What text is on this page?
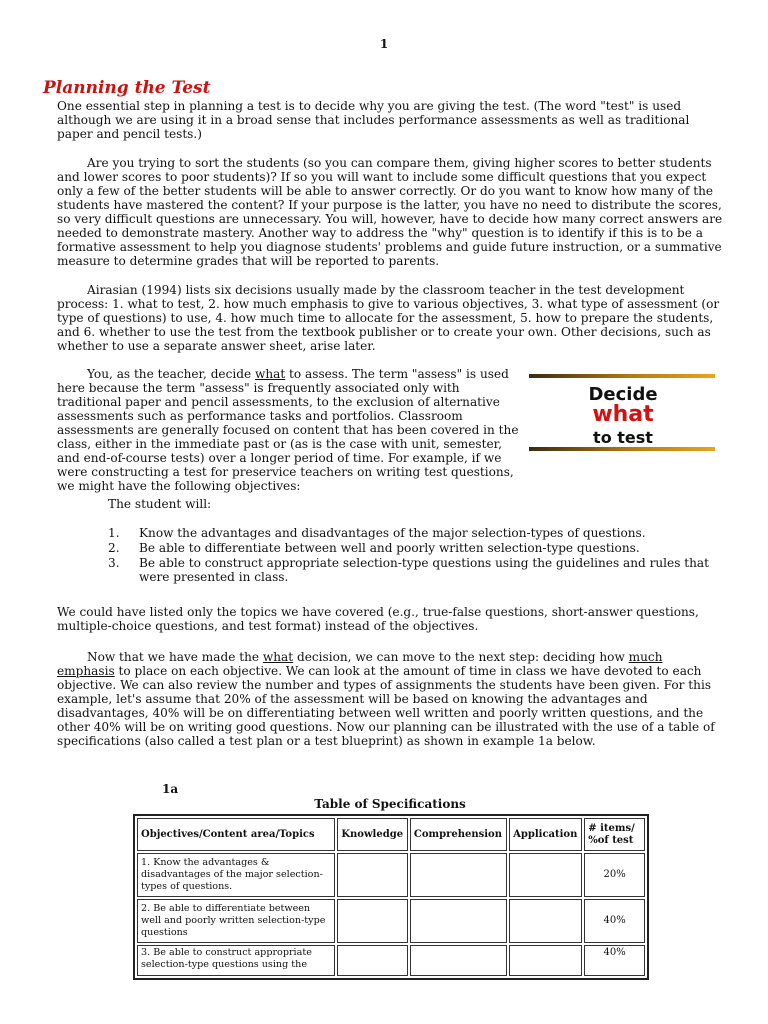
1
Planning the Test

One essential step in planning a test is to decide why you are giving the test. (The word "test" is used although we are using it in a broad sense that includes performance assessments as well as traditional paper and pencil tests.)

Are you trying to sort the students (so you can compare them, giving higher scores to better students and lower scores to poor students)? If so you will want to include some difficult questions that you expect only a few of the better students will be able to answer correctly. Or do you want to know how many of the students have mastered the content? If your purpose is the latter, you have no need to distribute the scores, so very difficult questions are unnecessary. You will, however, have to decide how many correct answers are needed to demonstrate mastery. Another way to address the "why" question is to identify if this is to be a formative assessment to help you diagnose students' problems and guide future instruction, or a summative measure to determine grades that will be reported to parents.

Airasian (1994) lists six decisions usually made by the classroom teacher in the test development process: 1. what to test, 2. how much emphasis to give to various objectives, 3. what type of assessment (or type of questions) to use, 4. how much time to allocate for the assessment, 5. how to prepare the students, and 6. whether to use the test from the textbook publisher or to create your own. Other decisions, such as whether to use a separate answer sheet, arise later.

You, as the teacher, decide what to assess. The term "assess" is used here because the term "assess" is frequently associated only with traditional paper and pencil assessments, to the exclusion of alternative assessments such as performance tasks and portfolios. Classroom assessments are generally focused on content that has been covered in the class, either in the immediate past or (as is the case with unit, semester, and end-of-course tests) over a longer period of time. For example, if we were constructing a test for preservice teachers on writing test questions, we might have the following objectives:

Decide
what
to test

The student will:

1. Know the advantages and disadvantages of the major selection-types of questions.
2. Be able to differentiate between well and poorly written selection-type questions.
3. Be able to construct appropriate selection-type questions using the guidelines and rules that were presented in class.

We could have listed only the topics we have covered (e.g., true-false questions, short-answer questions, multiple-choice questions, and test format) instead of the objectives.

Now that we have made the what decision, we can move to the next step: deciding how much emphasis to place on each objective. We can look at the amount of time in class we have devoted to each objective. We can also review the number and types of assignments the students have been given. For this example, let's assume that 20% of the assessment will be based on knowing the advantages and disadvantages, 40% will be on differentiating between well written and poorly written questions, and the other 40% will be on writing good questions. Now our planning can be illustrated with the use of a table of specifications (also called a test plan or a test blueprint) as shown in example 1a below.

1a
Table of Specifications
Objectives/Content area/Topics	Knowledge	Comprehension	Application	# items/
%of test
1. Know the advantages & disadvantages of the major selection-types of questions.				20%
2. Be able to differentiate between well and poorly written selection-type questions				40%
3. Be able to construct appropriate selection-type questions using the				40%
